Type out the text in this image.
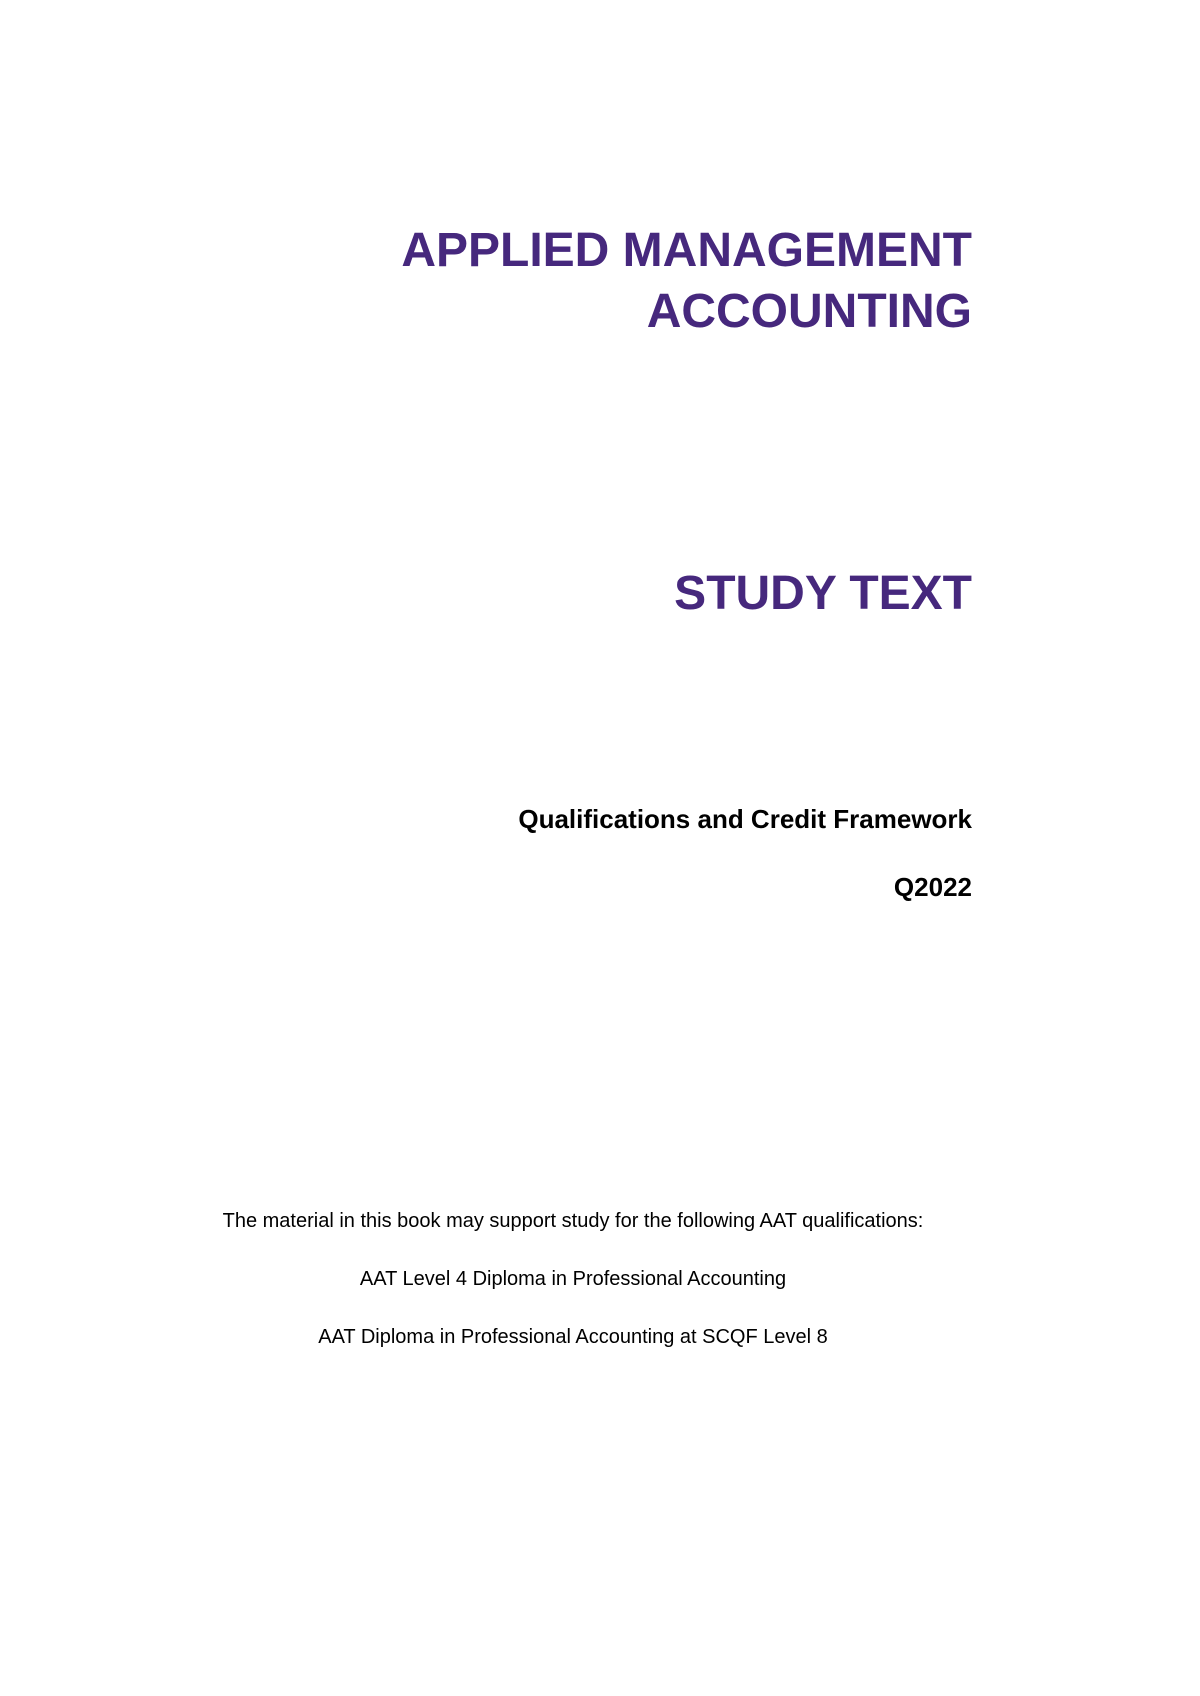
APPLIED MANAGEMENT
ACCOUNTING
STUDY TEXT
Qualifications and Credit Framework
Q2022
The material in this book may support study for the following AAT qualifications:
AAT Level 4 Diploma in Professional Accounting
AAT Diploma in Professional Accounting at SCQF Level 8
